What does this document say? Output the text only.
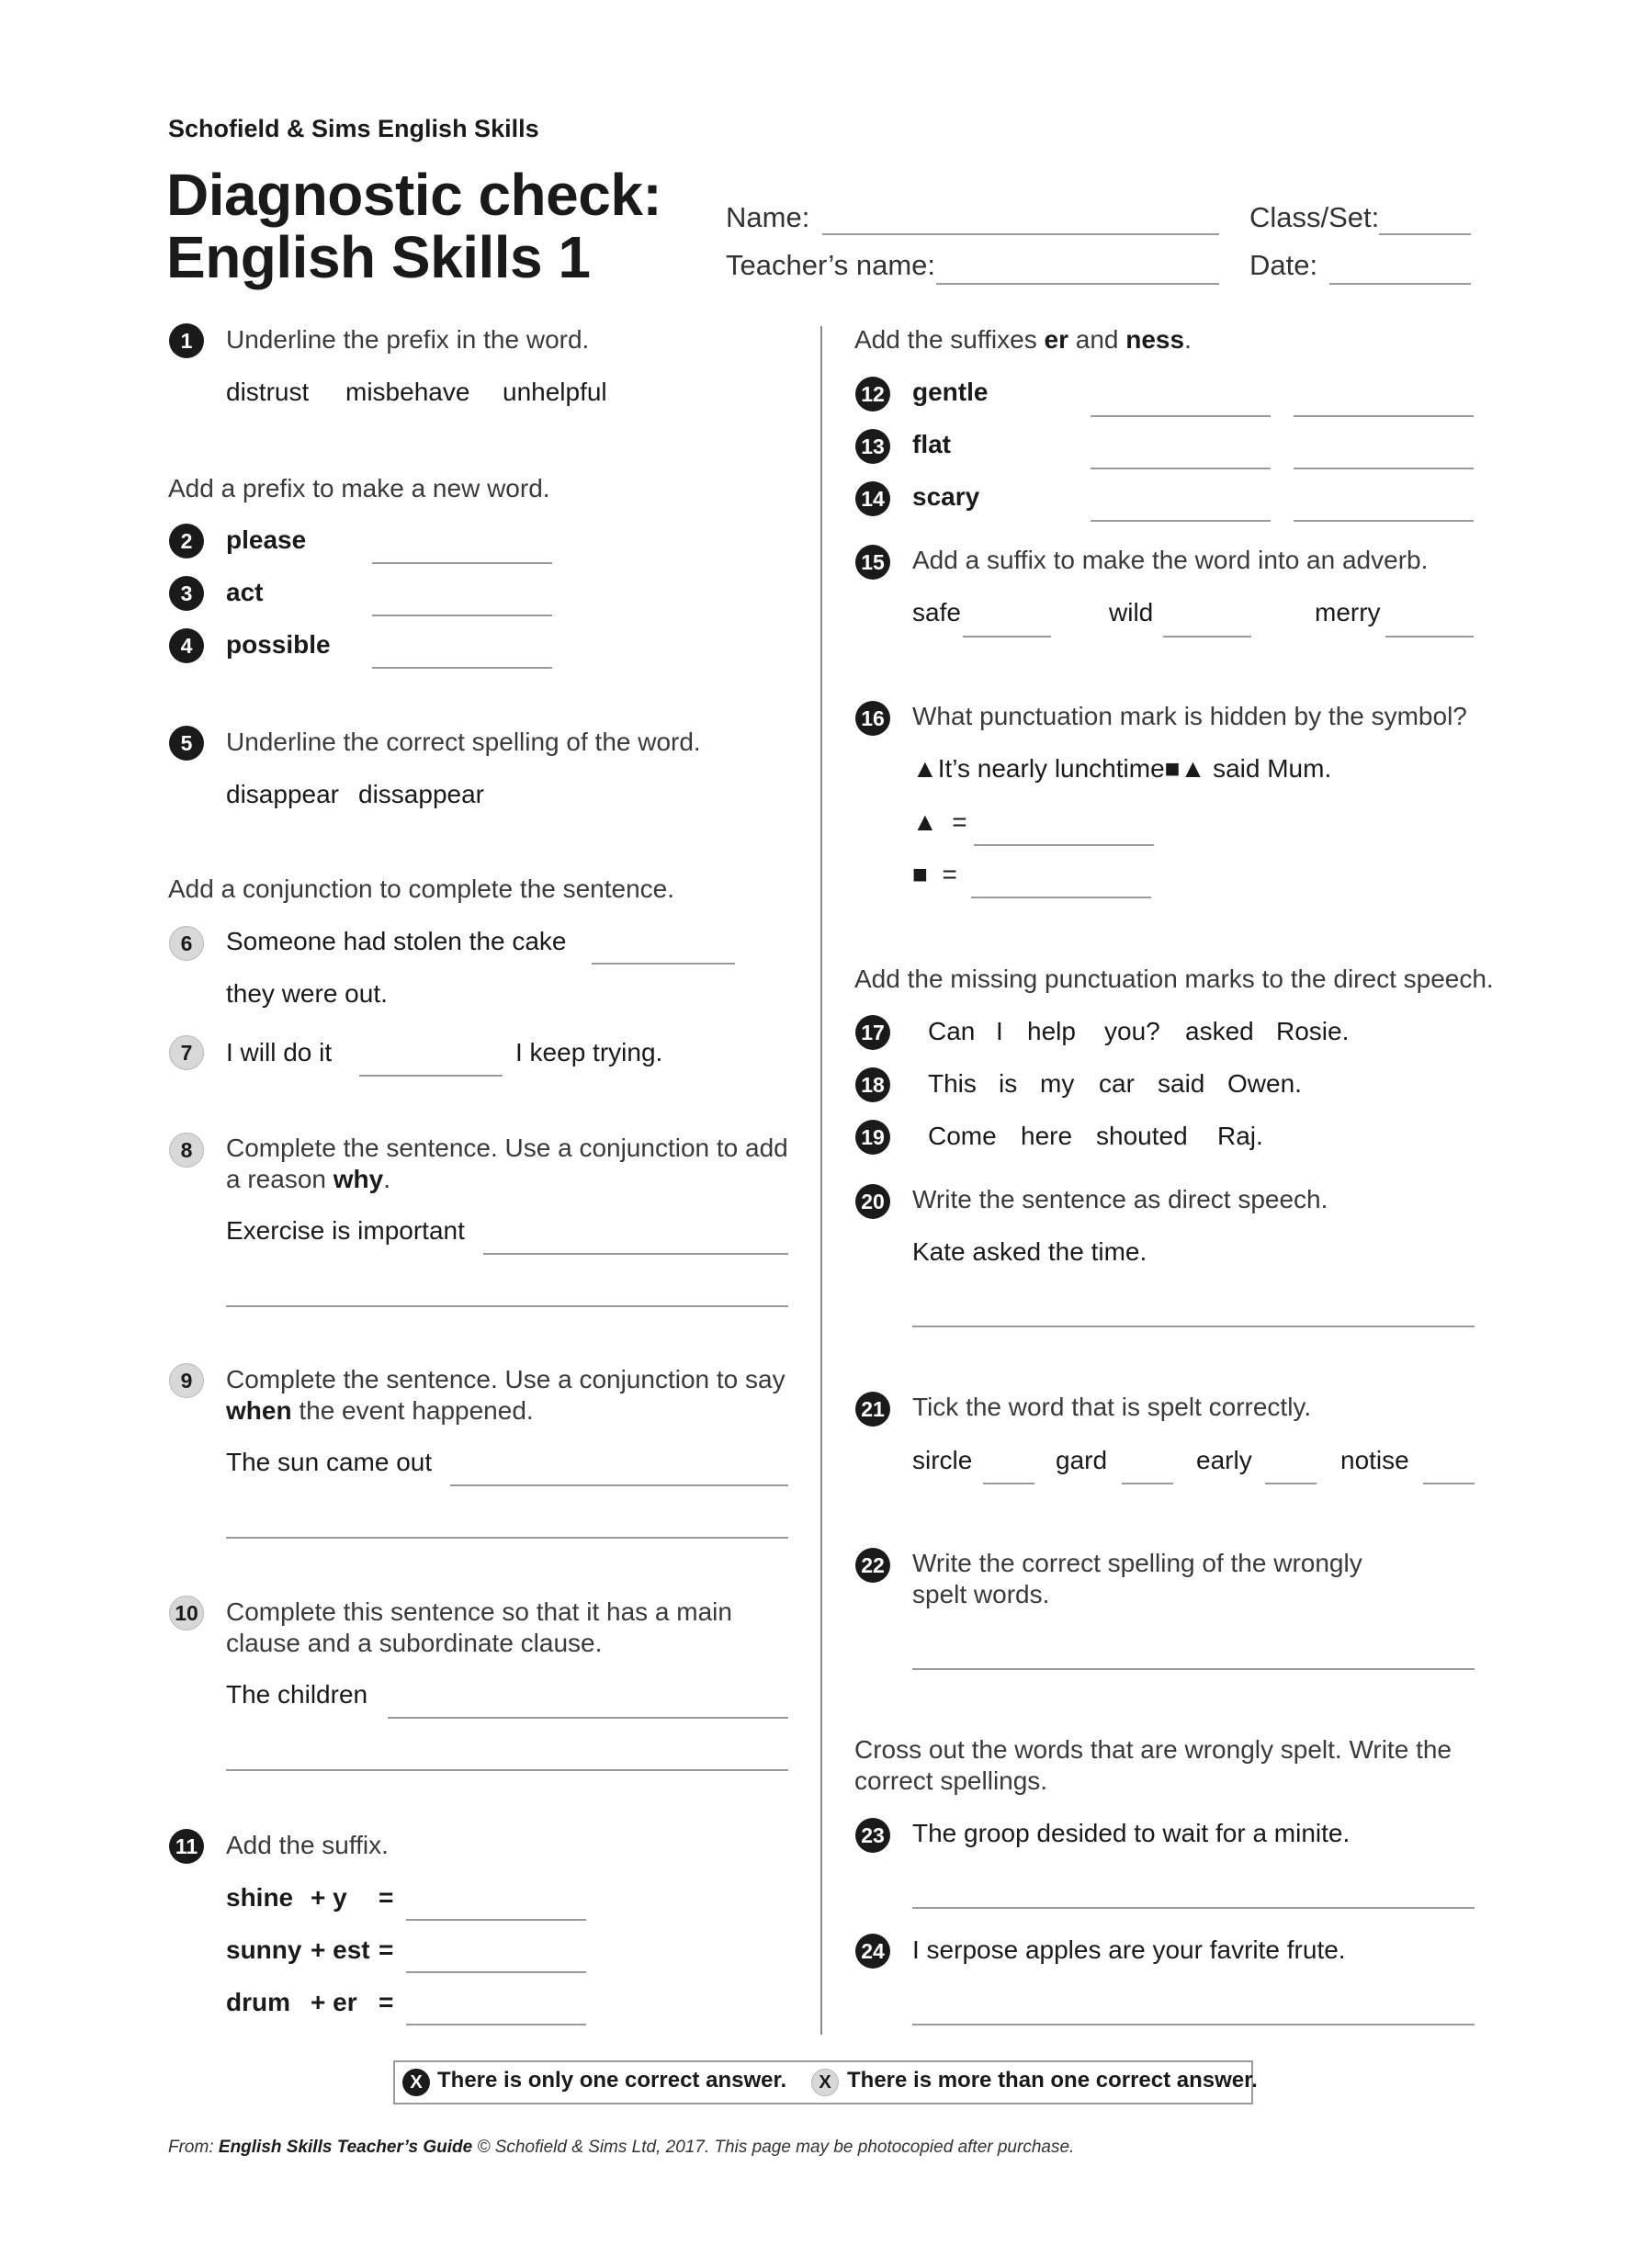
Schofield & Sims English Skills
Diagnostic check:
English Skills 1
Name:	Class/Set:
Teacher’s name:	Date:
1	Underline the prefix in the word.
distrust misbehave unhelpful
Add a prefix to make a new word.
2	please
3	act
4	possible
5	Underline the correct spelling of the word.
disappear dissappear
Add a conjunction to complete the sentence.
6	Someone had stolen the cake
they were out.
7	I will do it	I keep trying.
8	Complete the sentence. Use a conjunction to add
a reason why.
Exercise is important
9	Complete the sentence. Use a conjunction to say
when the event happened.
The sun came out
10 Complete this sentence so that it has a main
clause and a subordinate clause.
The children
11 Add the suffix.
shine + y =
sunny + est =
drum + er =
Add the suffixes er and ness.
12 gentle
13 flat
14 scary
15 Add a suffix to make the word into an adverb.
safe	wild	merry
16 What punctuation mark is hidden by the symbol?
▲It’s nearly lunchtime■▲ said Mum.
▲ =
■ =
Add the missing punctuation marks to the direct speech.
17 Can I help you? asked Rosie.
18 This is my car said Owen.
19 Come here shouted Raj.
20 Write the sentence as direct speech.
Kate asked the time.
21 Tick the word that is spelt correctly.
sircle	gard	early	notise
22 Write the correct spelling of the wrongly
spelt words.
Cross out the words that are wrongly spelt. Write the
correct spellings.
23 The groop desided to wait for a minite.
24 I serpose apples are your favrite frute.
X There is only one correct answer.	X There is more than one correct answer.
From: English Skills Teacher’s Guide © Schofield & Sims Ltd, 2017. This page may be photocopied after purchase.
